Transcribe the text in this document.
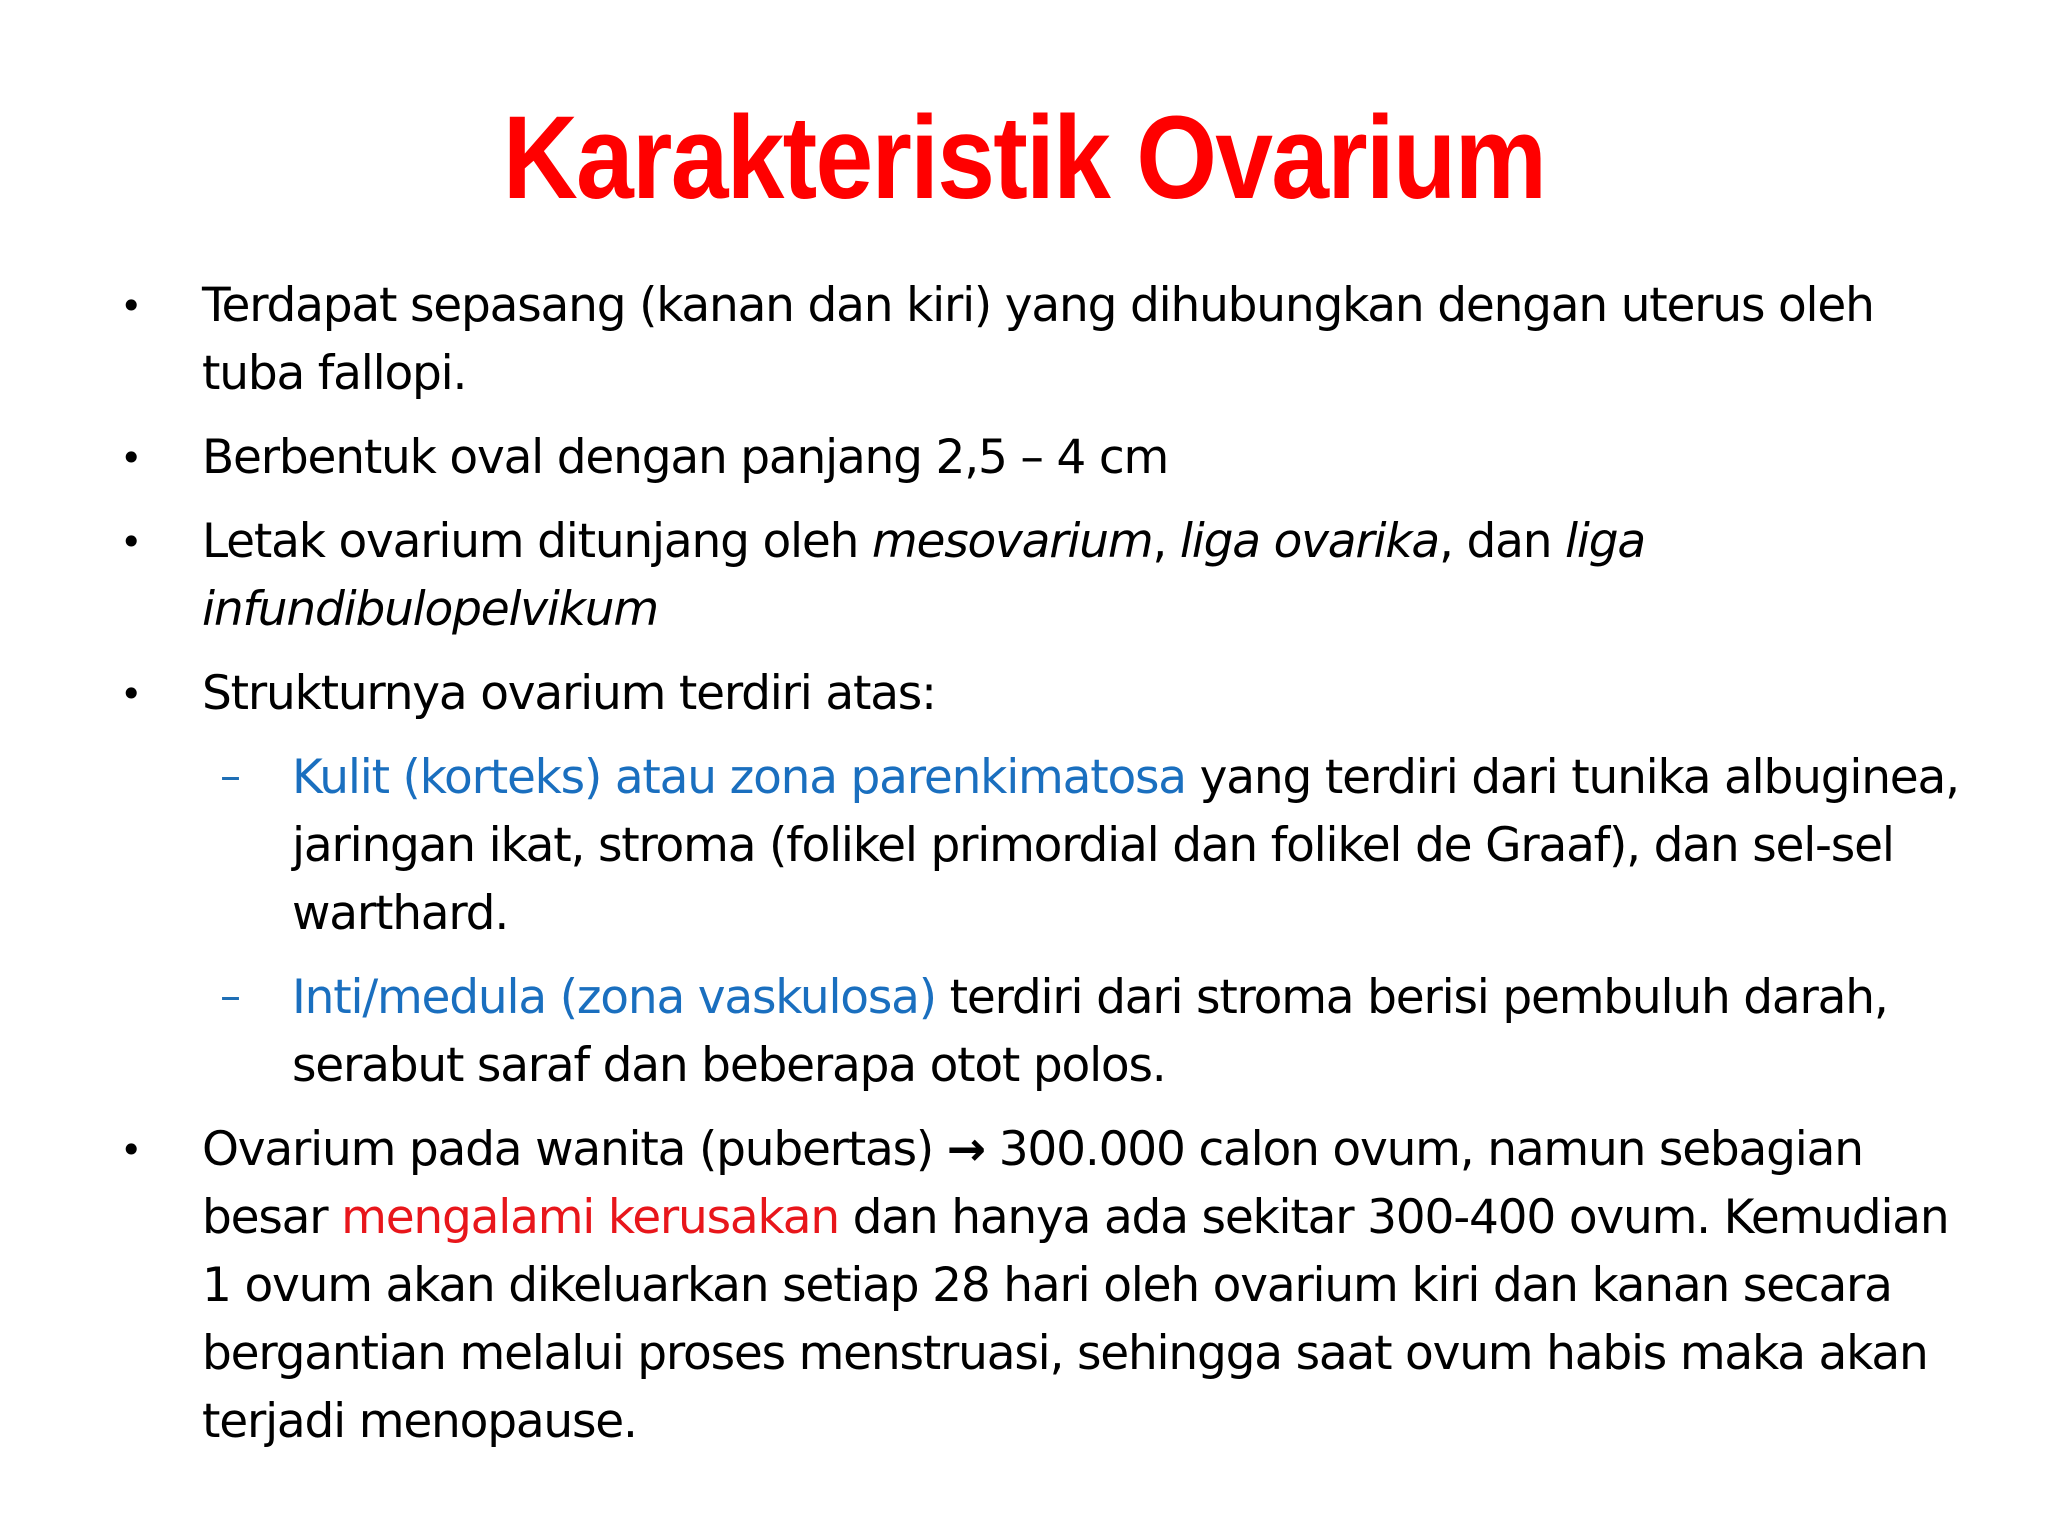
Karakteristik Ovarium
•	Terdapat sepasang (kanan dan kiri) yang dihubungkan dengan uterus oleh tuba fallopi.
•	Berbentuk oval dengan panjang 2,5 – 4 cm
•	Letak ovarium ditunjang oleh mesovarium, liga ovarika, dan liga infundibulopelvikum
•	Strukturnya ovarium terdiri atas:
–	Kulit (korteks) atau zona parenkimatosa yang terdiri dari tunika albuginea, jaringan ikat, stroma (folikel primordial dan folikel de Graaf), dan sel-sel warthard.
–	Inti/medula (zona vaskulosa) terdiri dari stroma berisi pembuluh darah, serabut saraf dan beberapa otot polos.
•	Ovarium pada wanita (pubertas) → 300.000 calon ovum, namun sebagian besar mengalami kerusakan dan hanya ada sekitar 300-400 ovum. Kemudian 1 ovum akan dikeluarkan setiap 28 hari oleh ovarium kiri dan kanan secara bergantian melalui proses menstruasi, sehingga saat ovum habis maka akan terjadi menopause.
